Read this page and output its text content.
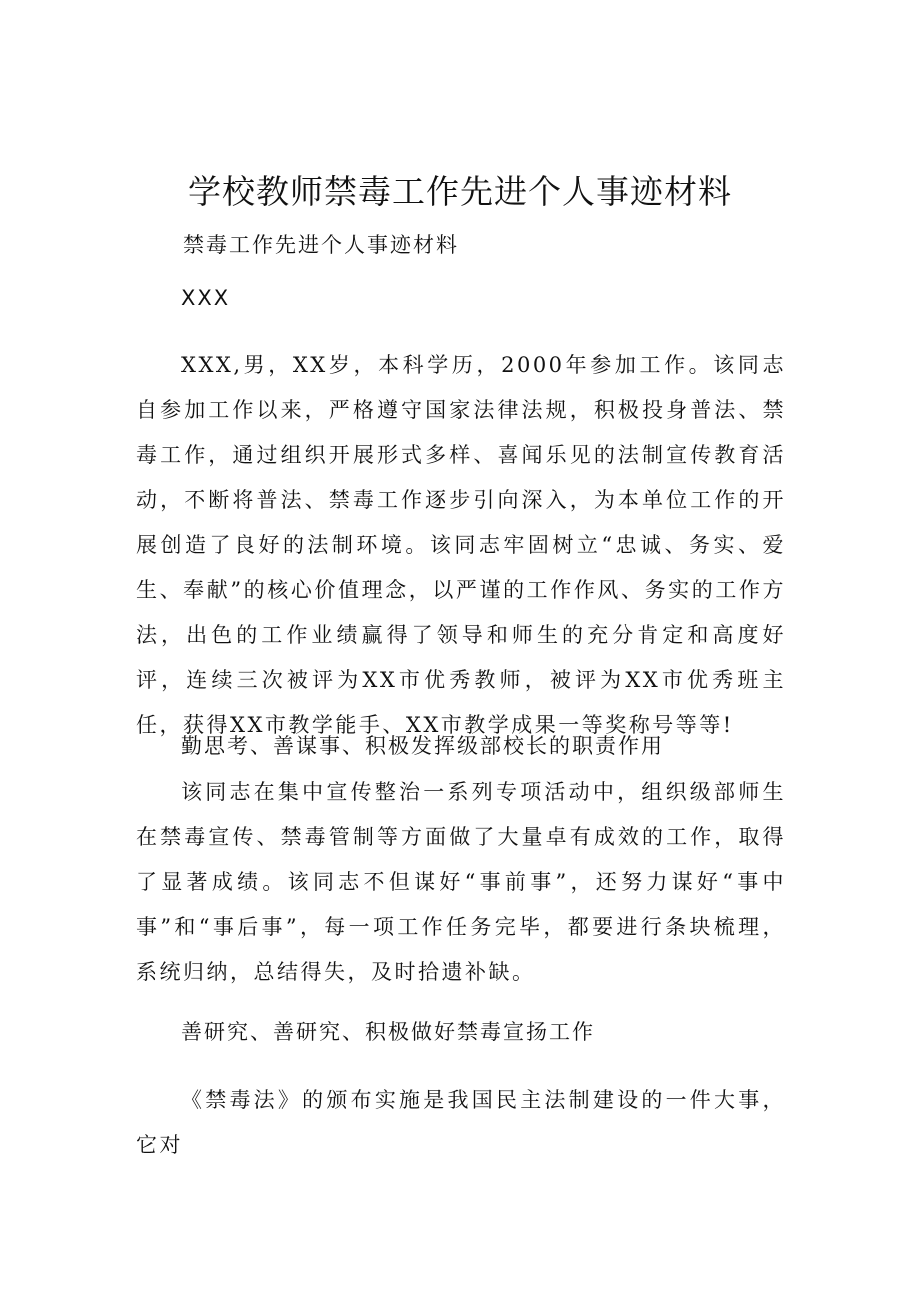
学校教师禁毒工作先进个人事迹材料
禁毒工作先进个人事迹材料
XXX
XXX,男，XX岁，本科学历，2000年参加工作。该同志自参加工作以来，严格遵守国家法律法规，积极投身普法、禁毒工作，通过组织开展形式多样、喜闻乐见的法制宣传教育活动，不断将普法、禁毒工作逐步引向深入，为本单位工作的开展创造了良好的法制环境。该同志牢固树立“忠诚、务实、爱生、奉献”的核心价值理念，以严谨的工作作风、务实的工作方法，出色的工作业绩赢得了领导和师生的充分肯定和高度好评，连续三次被评为XX市优秀教师，被评为XX市优秀班主任，获得XX市教学能手、XX市教学成果一等奖称号等等!
勤思考、善谋事、积极发挥级部校长的职责作用
该同志在集中宣传整治一系列专项活动中，组织级部师生在禁毒宣传、禁毒管制等方面做了大量卓有成效的工作，取得了显著成绩。该同志不但谋好“事前事”，还努力谋好“事中事”和“事后事”，每一项工作任务完毕，都要进行条块梳理，系统归纳，总结得失，及时拾遗补缺。
善研究、善研究、积极做好禁毒宣扬工作
《禁毒法》的颁布实施是我国民主法制建设的一件大事，它对
